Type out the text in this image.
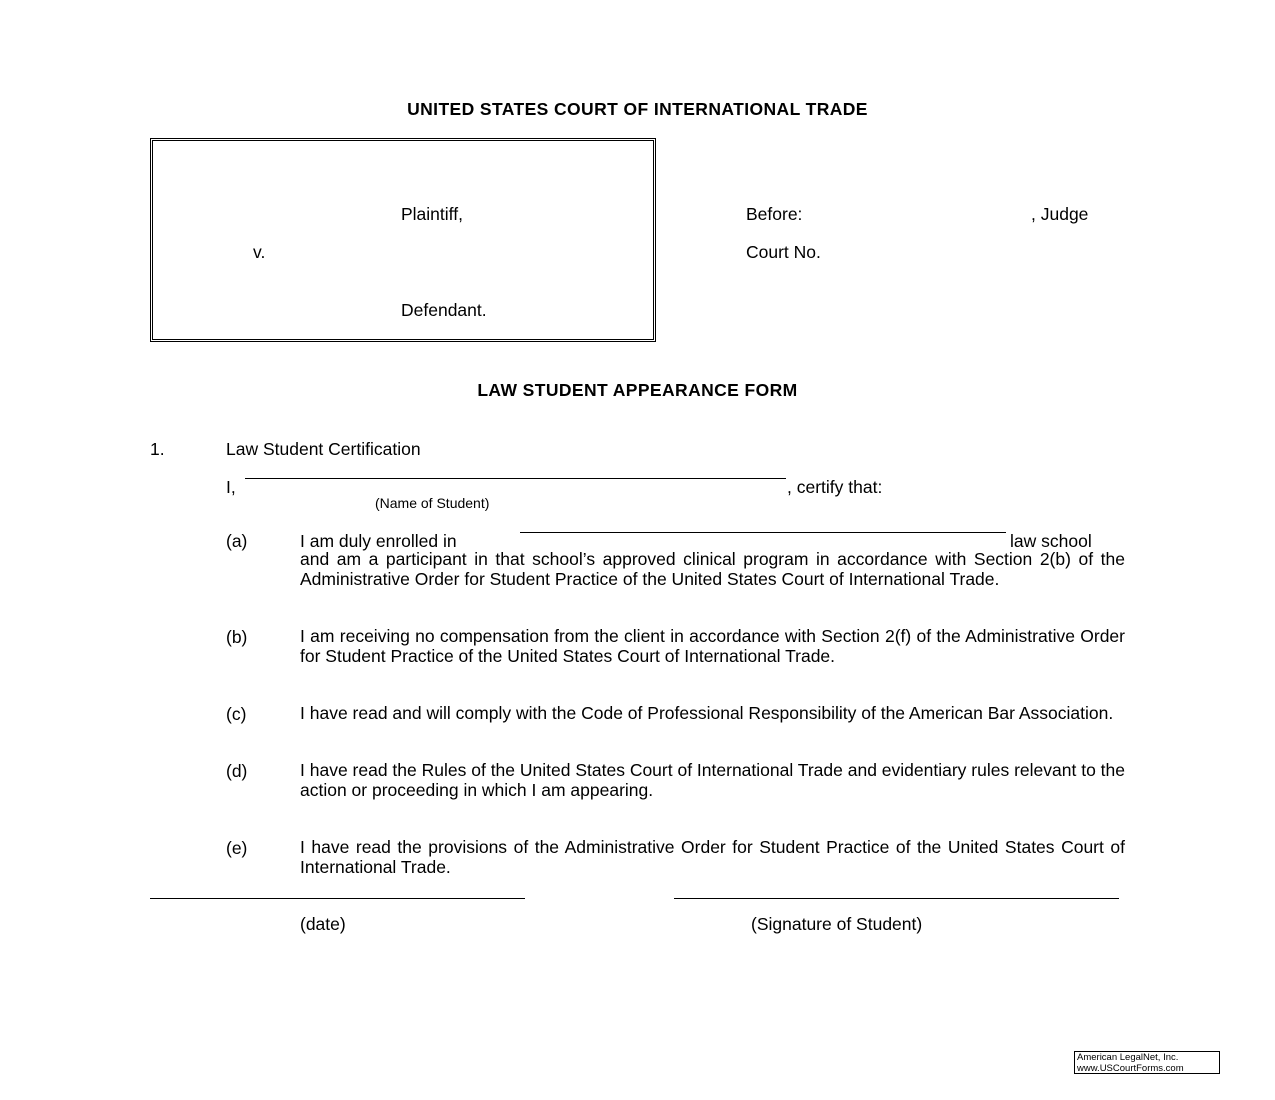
UNITED STATES COURT OF INTERNATIONAL TRADE
Plaintiff,
v.
Defendant.
Before:	, Judge
Court No.
LAW STUDENT APPEARANCE FORM
1.	Law Student Certification
I,	, certify that:
(Name of Student)
(a)	I am duly enrolled in	law school
and am a participant in that school’s approved clinical program in accordance with Section 2(b) of the Administrative Order for Student Practice of the United States Court of International Trade.
(b)	I am receiving no compensation from the client in accordance with Section 2(f) of the Administrative Order for Student Practice of the United States Court of International Trade.
(c)	I have read and will comply with the Code of Professional Responsibility of the American Bar Association.
(d)	I have read the Rules of the United States Court of International Trade and evidentiary rules relevant to the action or proceeding in which I am appearing.
(e)	I have read the provisions of the Administrative Order for Student Practice of the United States Court of International Trade.
(date)	(Signature of Student)
American LegalNet, Inc.
www.USCourtForms.com
